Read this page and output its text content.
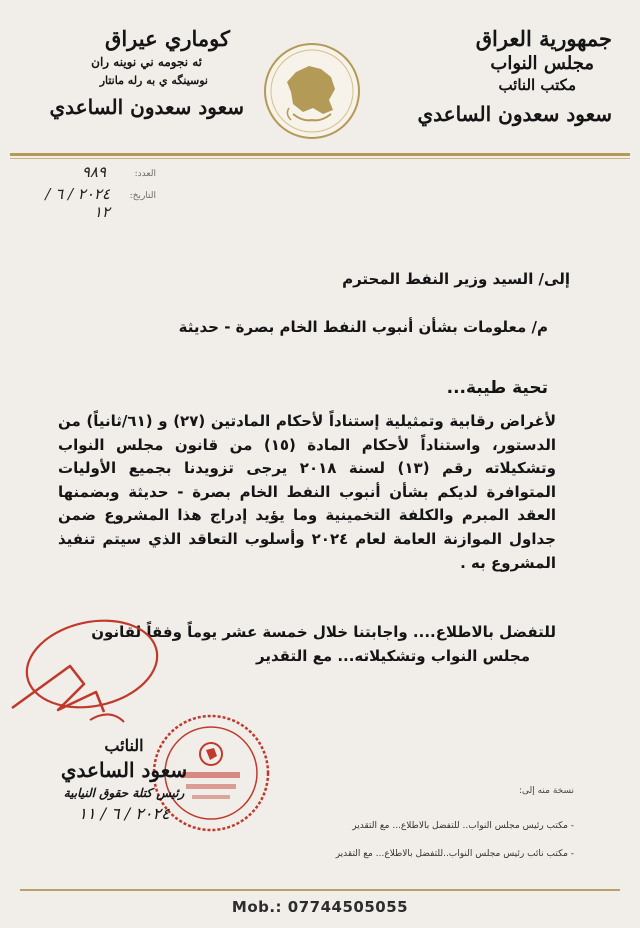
جمهورية العراق
مجلس النواب
مكتب النائب
سعود سعدون الساعدي
كوماري عيراق
ئه نجومه ني نوينه ران
نوسينگه ي به رله مانتار
سعود سعدون الساعدي
العدد:
٩٨٩
التاريخ:
٢٠٢٤ / ٦ / ١٢
إلى/ السيد وزير النفط المحترم
م/ معلومات بشأن أنبوب النفط الخام بصرة - حديثة
تحية طيبة...
لأغراض رقابية وتمثيلية إستناداً لأحكام المادتين (٢٧) و (٦١/ثانياً) من الدستور، واستناداً لأحكام المادة (١٥) من قانون مجلس النواب وتشكيلاته رقم (١٣) لسنة ٢٠١٨ يرجى تزويدنا بجميع الأوليات المتوافرة لديكم بشأن أنبوب النفط الخام بصرة - حديثة وبضمنها العقد المبرم والكلفة التخمينية وما يؤيد إدراج هذا المشروع ضمن جداول الموازنة العامة لعام ٢٠٢٤ وأسلوب التعاقد الذي سيتم تنفيذ المشروع به .
للتفضل بالاطلاع.... واجابتنا خلال خمسة عشر يوماً وفقاً لقانون
مجلس النواب وتشكيلاته... مع التقدير
النائب
سعود الساعدي
رئيس كتلة حقوق النيابية
٢٠٢٤ / ٦ / ١١
نسخة منه إلى:
- مكتب رئيس مجلس النواب.. للتفضل بالاطلاع... مع التقدير
- مكتب نائب رئيس مجلس النواب..للتفضل بالاطلاع... مع التقدير
Mob.: 07744505055
